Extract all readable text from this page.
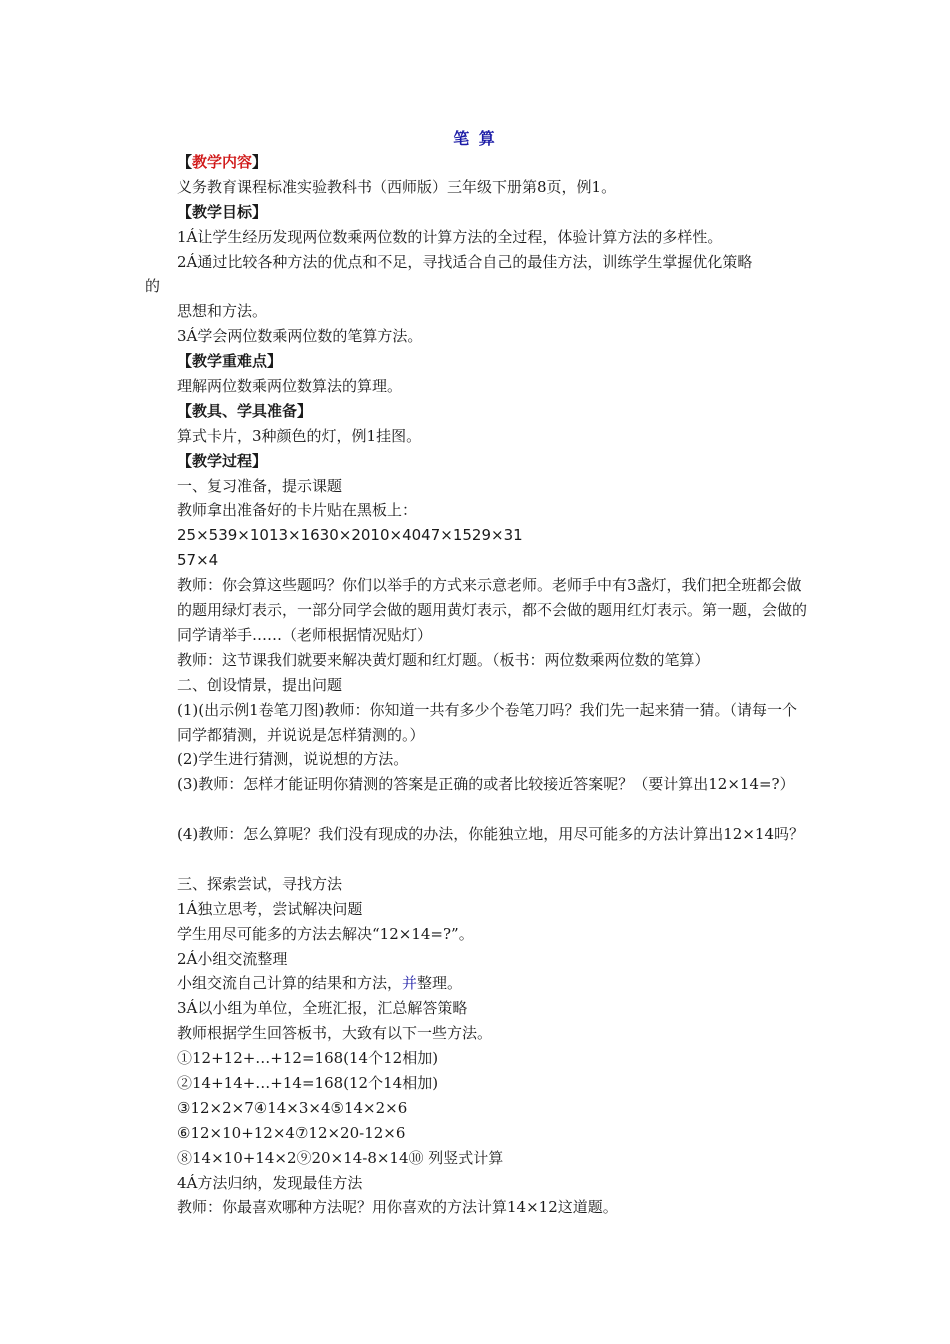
笔 算
【教学内容】
义务教育课程标准实验教科书（西师版）三年级下册第8页，例1。
【教学目标】
1Á让学生经历发现两位数乘两位数的计算方法的全过程，体验计算方法的多样性。
2Á通过比较各种方法的优点和不足，寻找适合自己的最佳方法，训练学生掌握优化策略
的
思想和方法。
3Á学会两位数乘两位数的笔算方法。
【教学重难点】
理解两位数乘两位数算法的算理。
【教具、学具准备】
算式卡片，3种颜色的灯，例1挂图。
【教学过程】
一、复习准备，提示课题
教师拿出准备好的卡片贴在黑板上：
25×539×1013×1630×2010×4047×1529×31
57×4
教师：你会算这些题吗？你们以举手的方式来示意老师。老师手中有3盏灯，我们把全班都会做的题用绿灯表示，一部分同学会做的题用黄灯表示，都不会做的题用红灯表示。第一题，会做的同学请举手……（老师根据情况贴灯）
教师：这节课我们就要来解决黄灯题和红灯题。（板书：两位数乘两位数的笔算）
二、创设情景，提出问题
(1)(出示例1卷笔刀图)教师：你知道一共有多少个卷笔刀吗？我们先一起来猜一猜。（请每一个同学都猜测，并说说是怎样猜测的。）
(2)学生进行猜测，说说想的方法。
(3)教师：怎样才能证明你猜测的答案是正确的或者比较接近答案呢？（要计算出12×14=?）
(4)教师：怎么算呢？我们没有现成的办法，你能独立地，用尽可能多的方法计算出12×14吗？
三、探索尝试，寻找方法
1Á独立思考，尝试解决问题
学生用尽可能多的方法去解决“12×14=?”。
2Á小组交流整理
小组交流自己计算的结果和方法，并整理。
3Á以小组为单位，全班汇报，汇总解答策略
教师根据学生回答板书，大致有以下一些方法。
①12+12+…+12=168(14个12相加)
②14+14+…+14=168(12个14相加)
③12×2×7④14×3×4⑤14×2×6
⑥12×10+12×4⑦12×20-12×6
⑧14×10+14×2⑨20×14-8×14⑩ 列竖式计算
4Á方法归纳，发现最佳方法
教师：你最喜欢哪种方法呢？用你喜欢的方法计算14×12这道题。
